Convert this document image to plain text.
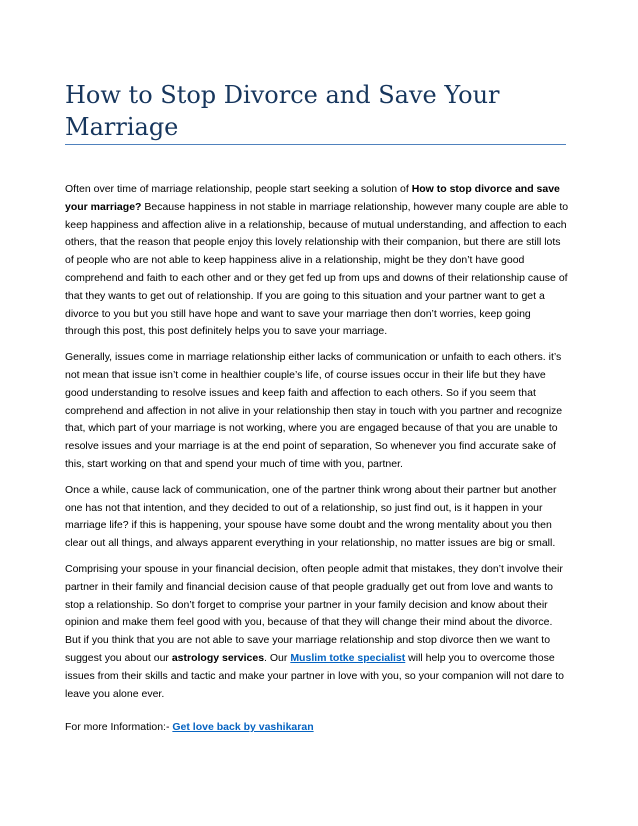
How to Stop Divorce and Save Your Marriage

Often over time of marriage relationship, people start seeking a solution of How to stop divorce and save your marriage? Because happiness in not stable in marriage relationship, however many couple are able to keep happiness and affection alive in a relationship, because of mutual understanding, and affection to each others, that the reason that people enjoy this lovely relationship with their companion, but there are still lots of people who are not able to keep happiness alive in a relationship, might be they don’t have good comprehend and faith to each other and or they get fed up from ups and downs of their relationship cause of that they wants to get out of relationship. If you are going to this situation and your partner want to get a divorce to you but you still have hope and want to save your marriage then don’t worries, keep going through this post, this post definitely helps you to save your marriage.

Generally, issues come in marriage relationship either lacks of communication or unfaith to each others. it’s not mean that issue isn’t come in healthier couple’s life, of course issues occur in their life but they have good understanding to resolve issues and keep faith and affection to each others. So if you seem that comprehend and affection in not alive in your relationship then stay in touch with you partner and recognize that, which part of your marriage is not working, where you are engaged because of that you are unable to resolve issues and your marriage is at the end point of separation, So whenever you find accurate sake of this, start working on that and spend your much of time with you, partner.

Once a while, cause lack of communication, one of the partner think wrong about their partner but another one has not that intention, and they decided to out of a relationship, so just find out, is it happen in your marriage life? if this is happening, your spouse have some doubt and the wrong mentality about you then clear out all things, and always apparent everything in your relationship, no matter issues are big or small.

Comprising your spouse in your financial decision, often people admit that mistakes, they don’t involve their partner in their family and financial decision cause of that people gradually get out from love and wants to stop a relationship. So don’t forget to comprise your partner in your family decision and know about their opinion and make them feel good with you, because of that they will change their mind about the divorce. But if you think that you are not able to save your marriage relationship and stop divorce then we want to suggest you about our astrology services. Our Muslim totke specialist will help you to overcome those issues from their skills and tactic and make your partner in love with you, so your companion will not dare to leave you alone ever.

For more Information:- Get love back by vashikaran
